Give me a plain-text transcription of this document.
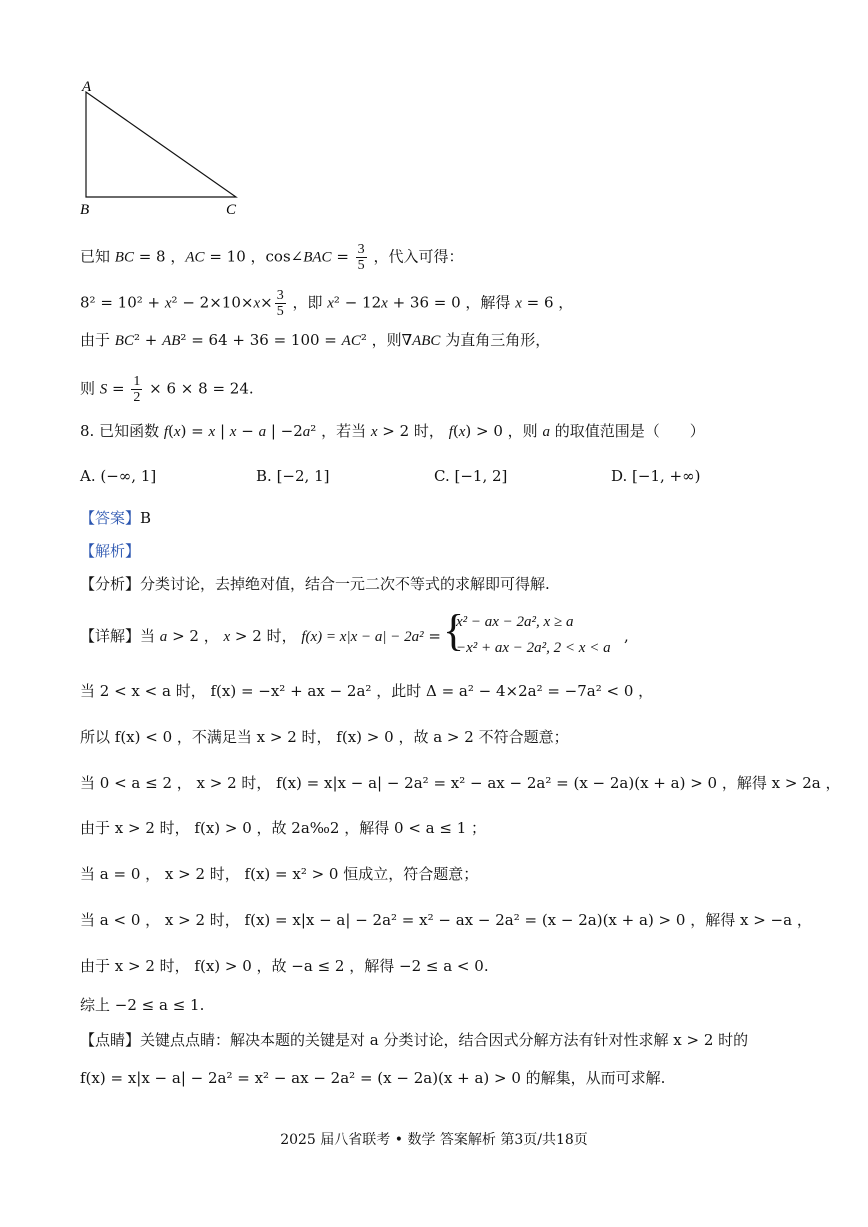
A
B	C
已知 BC = 8 ，AC = 10 ，cos∠BAC = $\frac{3}{5}$ ，代入可得：
$8^2 = 10^2 + x^2 - 2\times 10\times x\times \frac{3}{5}$ ，即 x² − 12x + 36 = 0 ，解得 x = 6 ，
由于 BC² + AB² = 64 + 36 = 100 = AC² ，则∇ABC 为直角三角形，
则 $S = \frac{1}{2} \times 6 \times 8 = 24$.
8. 已知函数 f(x) = x | x − a | −2a² ，若当 x > 2 时， f(x) > 0 ，则 a 的取值范围是（　　）
A. (−∞, 1]	B. [−2, 1]	C. [−1, 2]	D. [−1, +∞)
【答案】B
【解析】
【分析】分类讨论，去掉绝对值，结合一元二次不等式的求解即可得解.
【详解】当 a > 2 ， x > 2 时， f(x) = x|x − a| − 2a² = {
x² − ax − 2a², x ≥ a
−x² + ax − 2a², 2 < x < a
,
当 2 < x < a 时， f(x) = −x² + ax − 2a² ，此时 Δ = a² − 4×2a² = −7a² < 0 ，
所以 f(x) < 0 ，不满足当 x > 2 时， f(x) > 0 ，故 a > 2 不符合题意；
当 0 < a ≤ 2 ， x > 2 时， f(x) = x|x − a| − 2a² = x² − ax − 2a² = (x − 2a)(x + a) > 0 ，解得 x > 2a ，
由于 x > 2 时， f(x) > 0 ，故 2a‰2 ，解得 0 < a ≤ 1 ；
当 a = 0 ， x > 2 时， f(x) = x² > 0 恒成立，符合题意；
当 a < 0 ， x > 2 时， f(x) = x|x − a| − 2a² = x² − ax − 2a² = (x − 2a)(x + a) > 0 ，解得 x > −a ，
由于 x > 2 时， f(x) > 0 ，故 −a ≤ 2 ，解得 −2 ≤ a < 0.
综上 −2 ≤ a ≤ 1.
【点睛】关键点点睛：解决本题的关键是对 a 分类讨论，结合因式分解方法有针对性求解 x > 2 时的
f(x) = x|x − a| − 2a² = x² − ax − 2a² = (x − 2a)(x + a) > 0 的解集，从而可求解.
2025 届八省联考 • 数学 答案解析 第3页/共18页
